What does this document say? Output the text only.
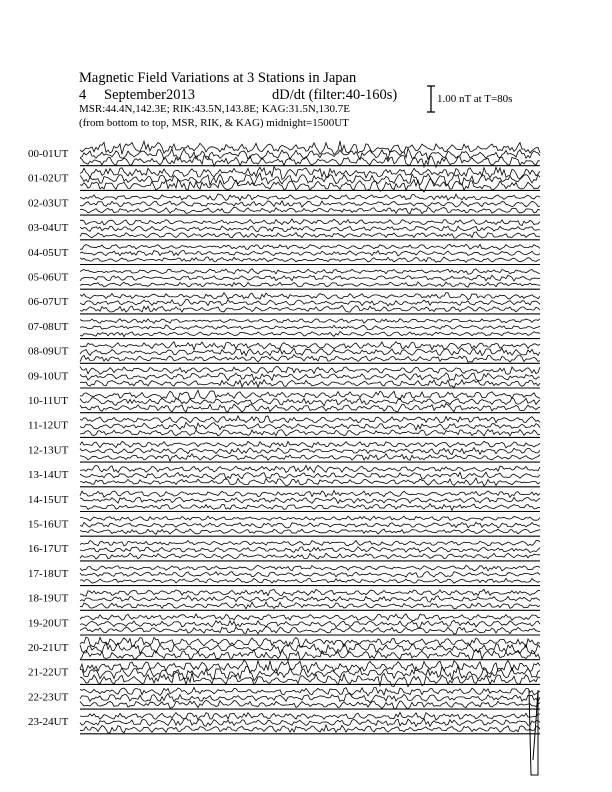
Magnetic Field Variations at 3 Stations in Japan
4 September2013	dD/dt (filter:40-160s)
MSR:44.4N,142.3E; RIK:43.5N,143.8E; KAG:31.5N,130.7E
(from bottom to top, MSR, RIK, & KAG) midnight=1500UT
1.00 nT at T=80s
00-01UT
01-02UT
02-03UT
03-04UT
04-05UT
05-06UT
06-07UT
07-08UT
08-09UT
09-10UT
10-11UT
11-12UT
12-13UT
13-14UT
14-15UT
15-16UT
16-17UT
17-18UT
18-19UT
19-20UT
20-21UT
21-22UT
22-23UT
23-24UT
